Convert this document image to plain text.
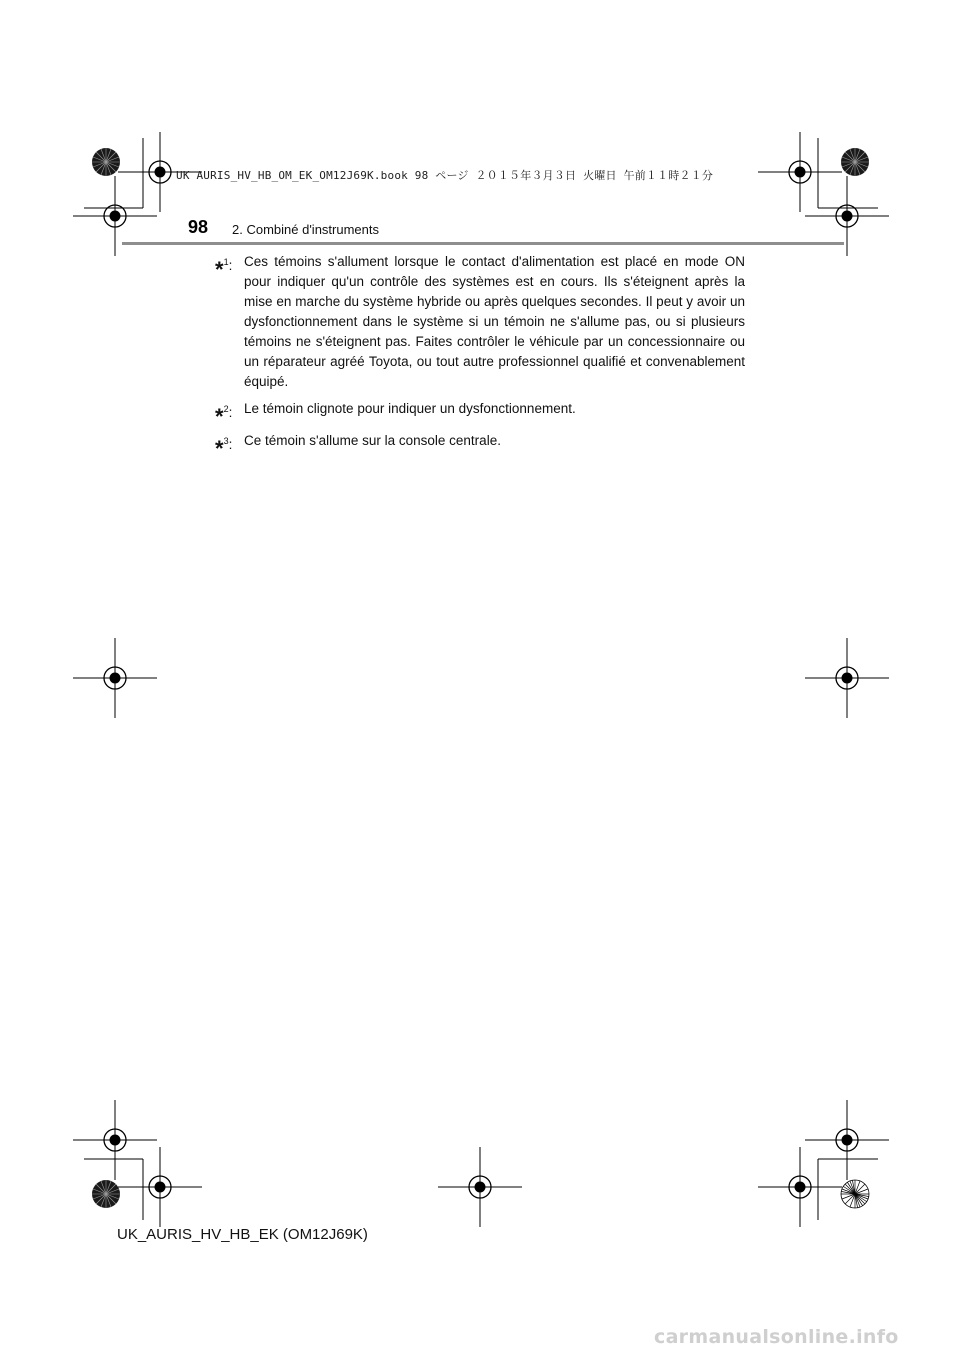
UK AURIS_HV_HB_OM_EK_OM12J69K.book 98 ページ ２０１５年３月３日 火曜日 午前１１時２１分
98 2. Combiné d'instruments
*$^1$: Ces témoins s'allument lorsque le contact d'alimentation est placé en mode ON pour indiquer qu'un contrôle des systèmes est en cours. Ils s'éteignent après la mise en marche du système hybride ou après quelques secondes. Il peut y avoir un dysfonctionnement dans le système si un témoin ne s'allume pas, ou si plusieurs témoins ne s'éteignent pas. Faites contrôler le véhicule par un concessionnaire ou un réparateur agréé Toyota, ou tout autre professionnel qualifié et convenablement équipé.
*$^2$: Le témoin clignote pour indiquer un dysfonctionnement.
*$^3$: Ce témoin s'allume sur la console centrale.
UK_AURIS_HV_HB_EK (OM12J69K)
carmanualsonline.info
